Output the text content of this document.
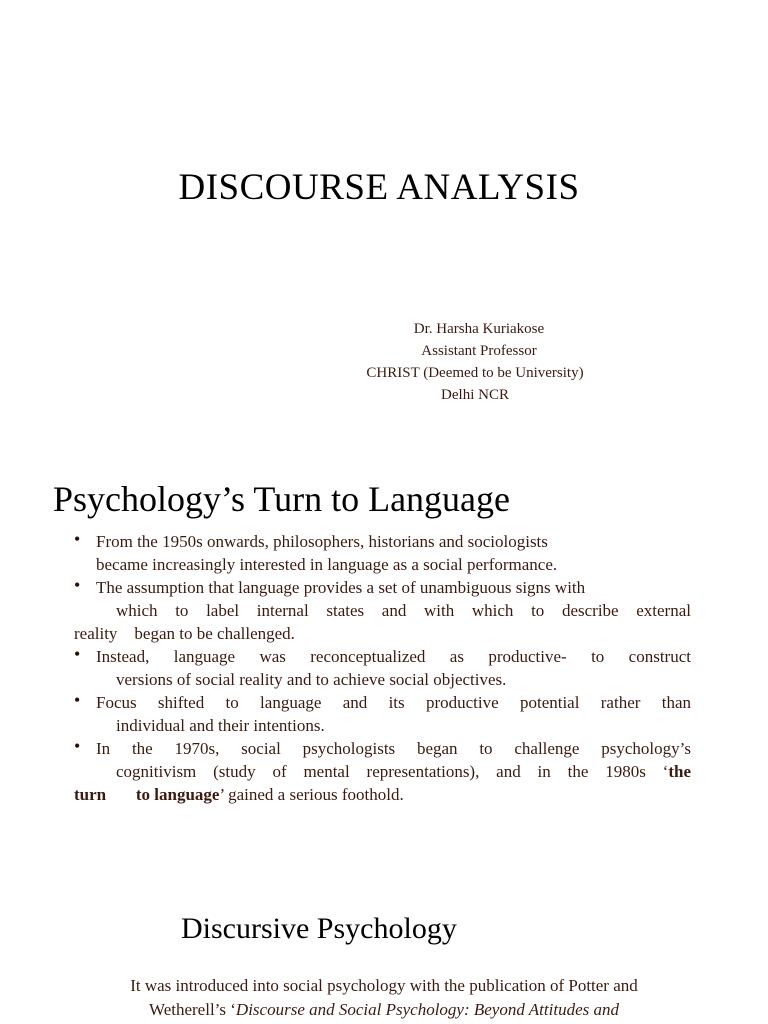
DISCOURSE ANALYSIS
Dr. Harsha Kuriakose
Assistant Professor
CHRIST (Deemed to be University)
Delhi NCR
Psychology’s Turn to Language
• From the 1950s onwards, philosophers, historians and sociologists
became increasingly interested in language as a social performance.
• The assumption that language provides a set of unambiguous signs with
which to label internal states and with which to describe external
reality    began to be challenged.
• Instead, language was reconceptualized as productive- to construct
versions of social reality and to achieve social objectives.
• Focus shifted to language and its productive potential rather than
individual and their intentions.
• In the 1970s, social psychologists began to challenge psychology’s
cognitivism (study of mental representations), and in the 1980s ‘the
turn       to language’ gained a serious foothold.
Discursive Psychology
It was introduced into social psychology with the publication of Potter and
Wetherell’s ‘Discourse and Social Psychology: Beyond Attitudes and
